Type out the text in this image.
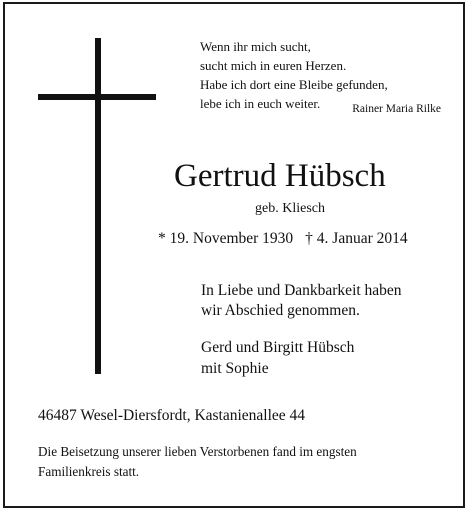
Wenn ihr mich sucht,
sucht mich in euren Herzen.
Habe ich dort eine Bleibe gefunden,
lebe ich in euch weiter.	Rainer Maria Rilke
Gertrud Hübsch
geb. Kliesch
* 19. November 1930 † 4. Januar 2014
In Liebe und Dankbarkeit haben
wir Abschied genommen.
Gerd und Birgitt Hübsch
mit Sophie
46487 Wesel-Diersfordt, Kastanienallee 44
Die Beisetzung unserer lieben Verstorbenen fand im engsten
Familienkreis statt.
